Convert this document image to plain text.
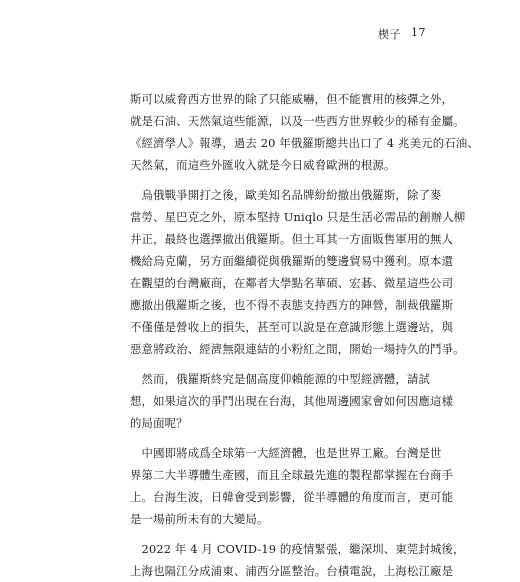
楔子 17

斯可以威脅西方世界的除了只能威嚇，但不能實用的核彈之外，
就是石油、天然氣這些能源，以及一些西方世界較少的稀有金屬。
《經濟學人》報導，過去 20 年俄羅斯總共出口了 4 兆美元的石油、
天然氣，而這些外匯收入就是今日威脅歐洲的根源。

　烏俄戰爭開打之後，歐美知名品牌紛紛撤出俄羅斯，除了麥
當勞、星巴克之外，原本堅持 Uniqlo 只是生活必需品的創辦人柳
井正，最終也選擇撤出俄羅斯。但土耳其一方面販售軍用的無人
機給烏克蘭，另方面繼續從與俄羅斯的雙邊貿易中獲利。原本還
在觀望的台灣廠商，在鄰者大學點名華碩、宏碁、微星這些公司
應撤出俄羅斯之後，也不得不表態支持西方的陣營，制裁俄羅斯
不僅僅是營收上的損失，甚至可以說是在意識形態上選邊站，與
惡意將政治、經濟無限連結的小粉紅之間，開始一場持久的鬥爭。

　然而，俄羅斯終究是個高度仰賴能源的中型經濟體，請試
想，如果這次的爭鬥出現在台海，其他周邊國家會如何因應這樣
的局面呢？

　中國即將成爲全球第一大經濟體，也是世界工廠。台灣是世
界第二大半導體生產國，而且全球最先進的製程都掌握在台商手
上。台海生波，日韓會受到影響，從半導體的角度而言，更可能
是一場前所未有的大變局。

　2022 年 4 月 COVID-19 的疫情緊張，繼深圳、東莞封城後，
上海也隔江分成浦東、浦西分區整治。台積電說，上海松江廠是
